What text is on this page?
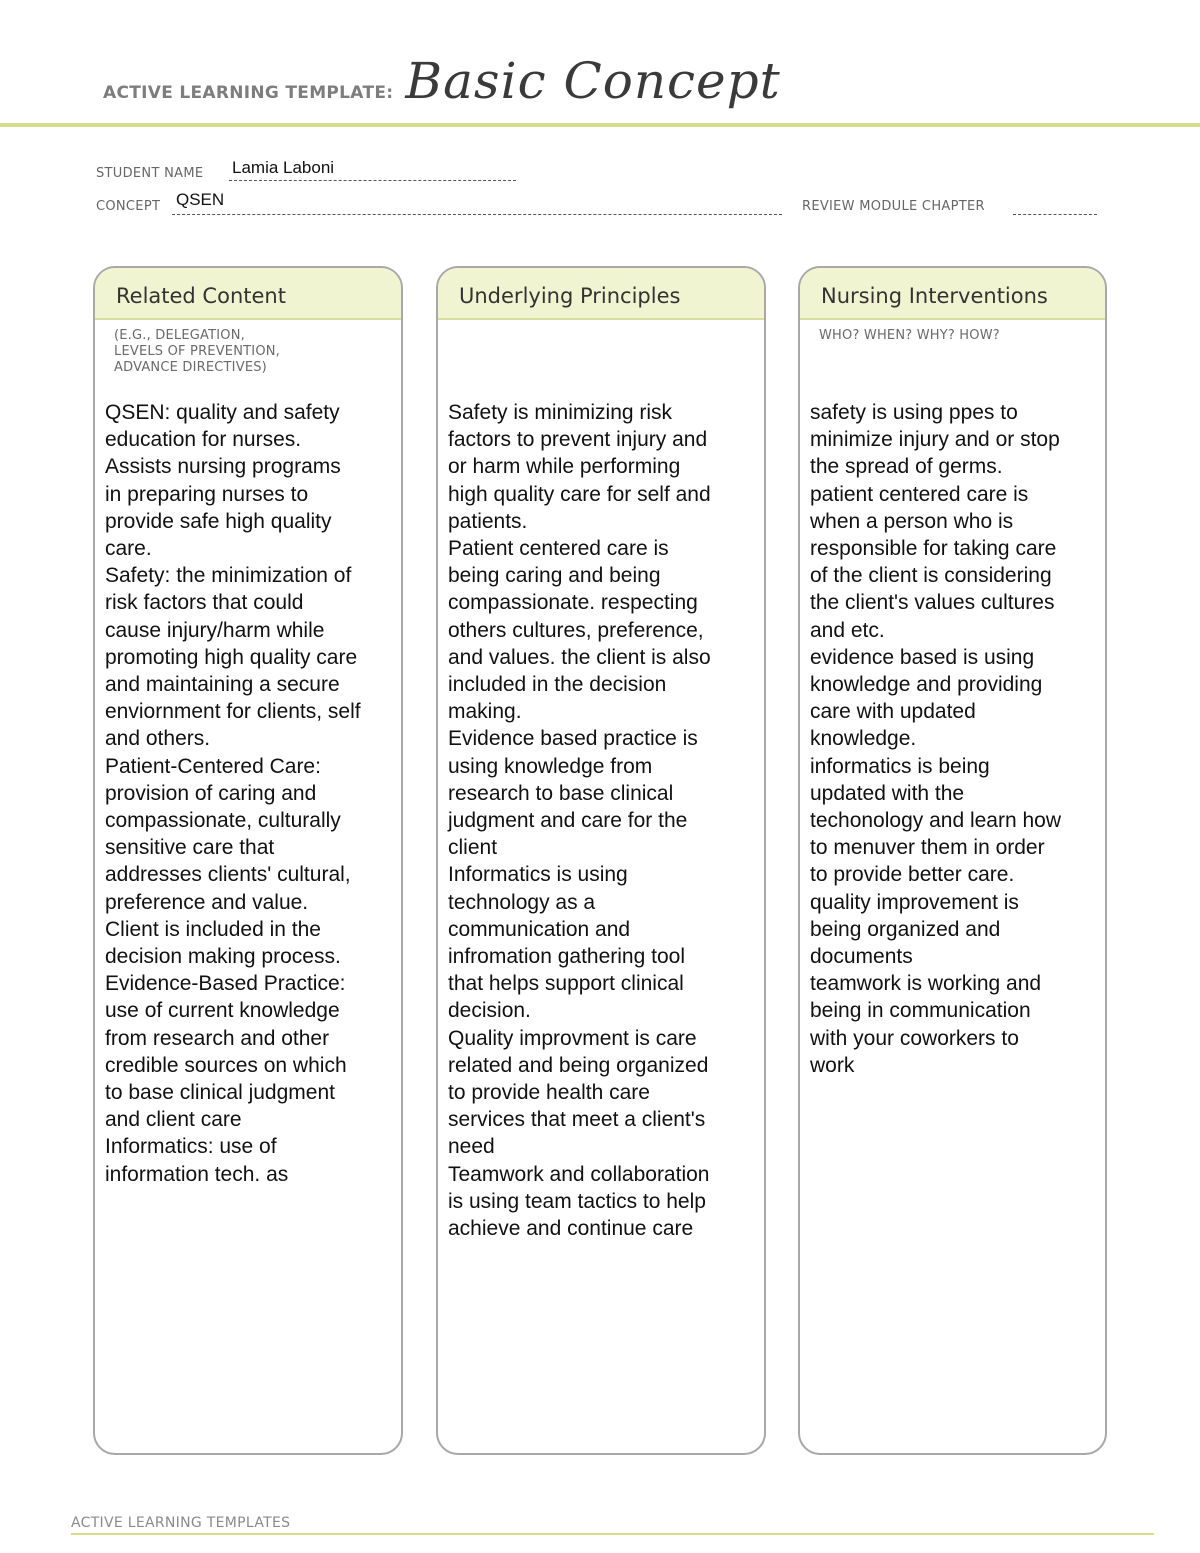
ACTIVE LEARNING TEMPLATE: Basic Concept
STUDENT NAME Lamia Laboni
CONCEPT QSEN	REVIEW MODULE CHAPTER
Related Content
(E.G., DELEGATION,
LEVELS OF PREVENTION,
ADVANCE DIRECTIVES)
QSEN: quality and safety
education for nurses.
Assists nursing programs
in preparing nurses to
provide safe high quality
care.
Safety: the minimization of
risk factors that could
cause injury/harm while
promoting high quality care
and maintaining a secure
enviornment for clients, self
and others.
Patient-Centered Care:
provision of caring and
compassionate, culturally
sensitive care that
addresses clients' cultural,
preference and value.
Client is included in the
decision making process.
Evidence-Based Practice:
use of current knowledge
from research and other
credible sources on which
to base clinical judgment
and client care
Informatics: use of
information tech. as
Underlying Principles
Safety is minimizing risk
factors to prevent injury and
or harm while performing
high quality care for self and
patients.
Patient centered care is
being caring and being
compassionate. respecting
others cultures, preference,
and values. the client is also
included in the decision
making.
Evidence based practice is
using knowledge from
research to base clinical
judgment and care for the
client
Informatics is using
technology as a
communication and
infromation gathering tool
that helps support clinical
decision.
Quality improvment is care
related and being organized
to provide health care
services that meet a client's
need
Teamwork and collaboration
is using team tactics to help
achieve and continue care
Nursing Interventions
WHO? WHEN? WHY? HOW?
safety is using ppes to
minimize injury and or stop
the spread of germs.
patient centered care is
when a person who is
responsible for taking care
of the client is considering
the client's values cultures
and etc.
evidence based is using
knowledge and providing
care with updated
knowledge.
informatics is being
updated with the
techonology and learn how
to menuver them in order
to provide better care.
quality improvement is
being organized and
documents
teamwork is working and
being in communication
with your coworkers to
work
ACTIVE LEARNING TEMPLATES
